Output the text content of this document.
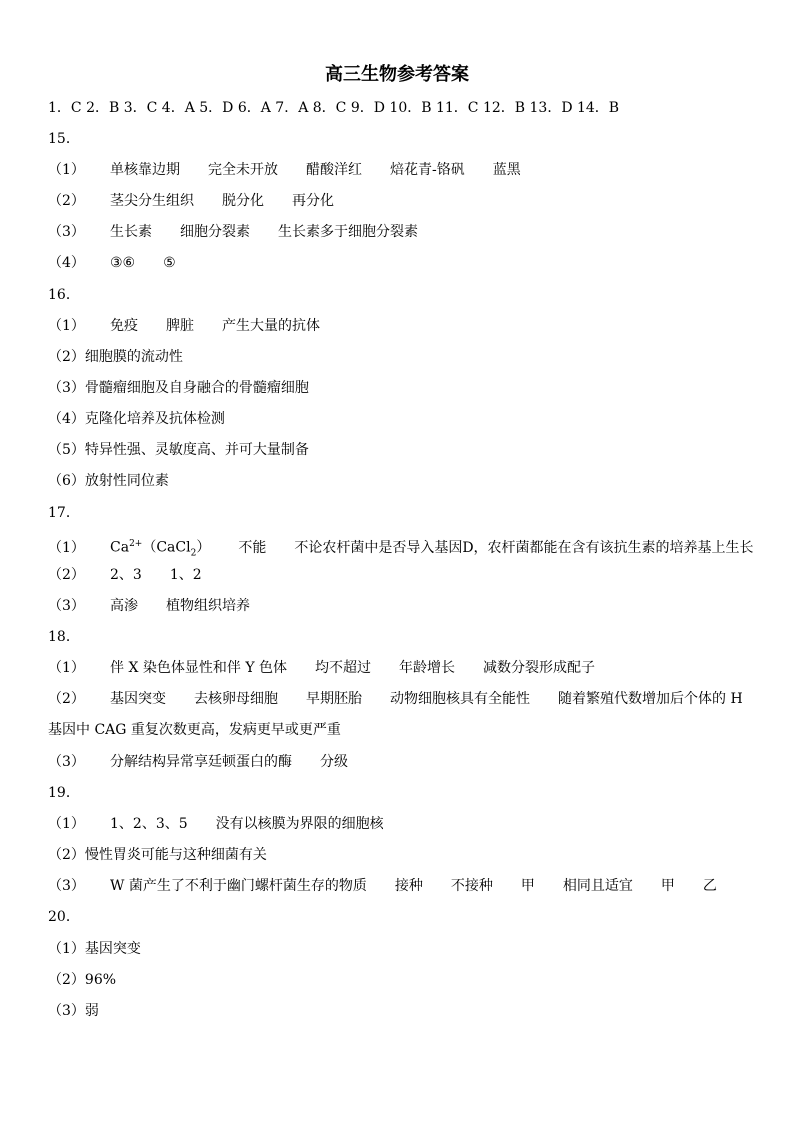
高三生物参考答案
1．C 2．B 3．C 4．A 5．D 6．A 7．A 8．C 9．D 10．B 11．C 12．B 13．D 14．B
15．
（1） 单核靠边期 完全未开放 醋酸洋红 焙花青-铬矾 蓝黑
（2） 茎尖分生组织 脱分化 再分化
（3） 生长素 细胞分裂素 生长素多于细胞分裂素
（4） ③⑥ ⑤
16．
（1） 免疫 脾脏 产生大量的抗体
（2）细胞膜的流动性
（3）骨髓瘤细胞及自身融合的骨髓瘤细胞
（4）克隆化培养及抗体检测
（5）特异性强、灵敏度高、并可大量制备
（6）放射性同位素
17．
（1） $Ca^{2+}(CaCl_2)$ 不能 不论农杆菌中是否导入基因D，农杆菌都能在含有该抗生素的培养基上生长
（2） 2、3 1、2
（3） 高渗 植物组织培养
18．
（1） 伴 X 染色体显性和伴 Y 色体 均不超过 年龄增长 减数分裂形成配子
（2） 基因突变 去核卵母细胞 早期胚胎 动物细胞核具有全能性 随着繁殖代数增加后个体的 H
基因中 CAG 重复次数更高，发病更早或更严重
（3） 分解结构异常享廷顿蛋白的酶 分级
19．
（1） 1、2、3、5 没有以核膜为界限的细胞核
（2）慢性胃炎可能与这种细菌有关
（3） W 菌产生了不利于幽门螺杆菌生存的物质 接种 不接种 甲 相同且适宜 甲 乙
20．
（1）基因突变
（2）96%
（3）弱
